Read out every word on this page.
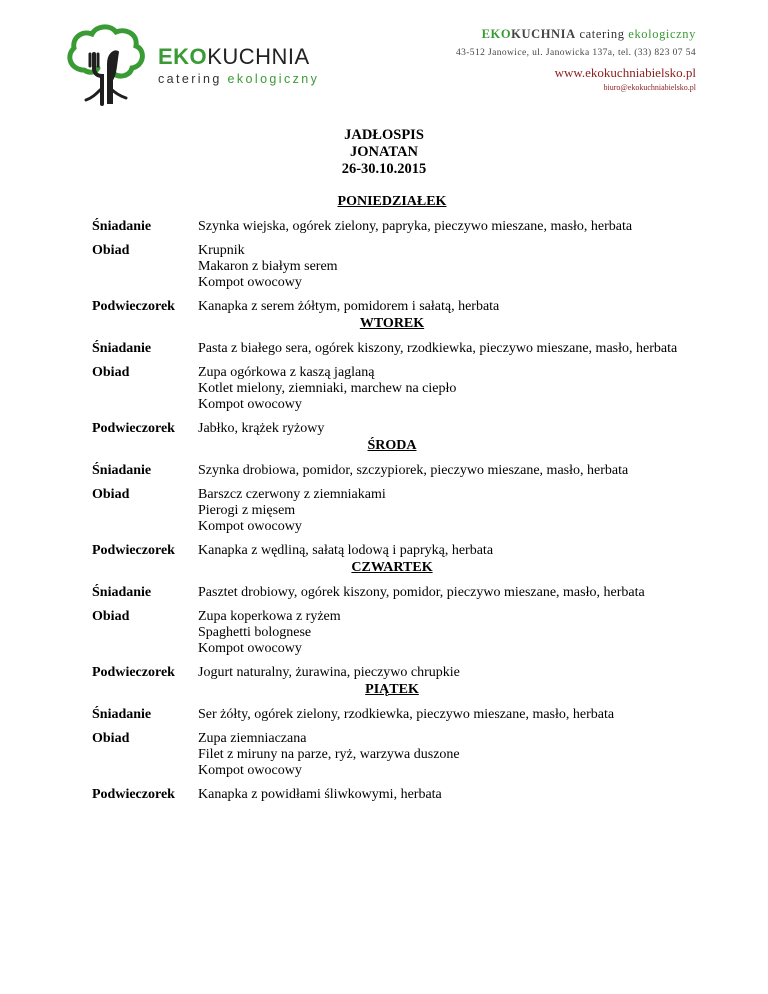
EKOKUCHNIA
catering ekologiczny
EKOKUCHNIA catering ekologiczny
43-512 Janowice, ul. Janowicka 137a, tel. (33) 823 07 54
www.ekokuchniabielsko.pl
biuro@ekokuchniabielsko.pl
JADŁOSPIS
JONATAN
26-30.10.2015
PONIEDZIAŁEK
Śniadanie	Szynka wiejska, ogórek zielony, papryka, pieczywo mieszane, masło, herbata
Obiad	Krupnik
Makaron z białym serem
Kompot owocowy
Podwieczorek	Kanapka z serem żółtym, pomidorem i sałatą, herbata
WTOREK
Śniadanie	Pasta z białego sera, ogórek kiszony, rzodkiewka, pieczywo mieszane, masło, herbata
Obiad	Zupa ogórkowa z kaszą jaglaną
Kotlet mielony, ziemniaki, marchew na ciepło
Kompot owocowy
Podwieczorek	Jabłko, krążek ryżowy
ŚRODA
Śniadanie	Szynka drobiowa, pomidor, szczypiorek, pieczywo mieszane, masło, herbata
Obiad	Barszcz czerwony z ziemniakami
Pierogi z mięsem
Kompot owocowy
Podwieczorek	Kanapka z wędliną, sałatą lodową i papryką, herbata
CZWARTEK
Śniadanie	Pasztet drobiowy, ogórek kiszony, pomidor, pieczywo mieszane, masło, herbata
Obiad	Zupa koperkowa z ryżem
Spaghetti bolognese
Kompot owocowy
Podwieczorek	Jogurt naturalny, żurawina, pieczywo chrupkie
PIĄTEK
Śniadanie	Ser żółty, ogórek zielony, rzodkiewka, pieczywo mieszane, masło, herbata
Obiad	Zupa ziemniaczana
Filet z miruny na parze, ryż, warzywa duszone
Kompot owocowy
Podwieczorek	Kanapka z powidłami śliwkowymi, herbata
